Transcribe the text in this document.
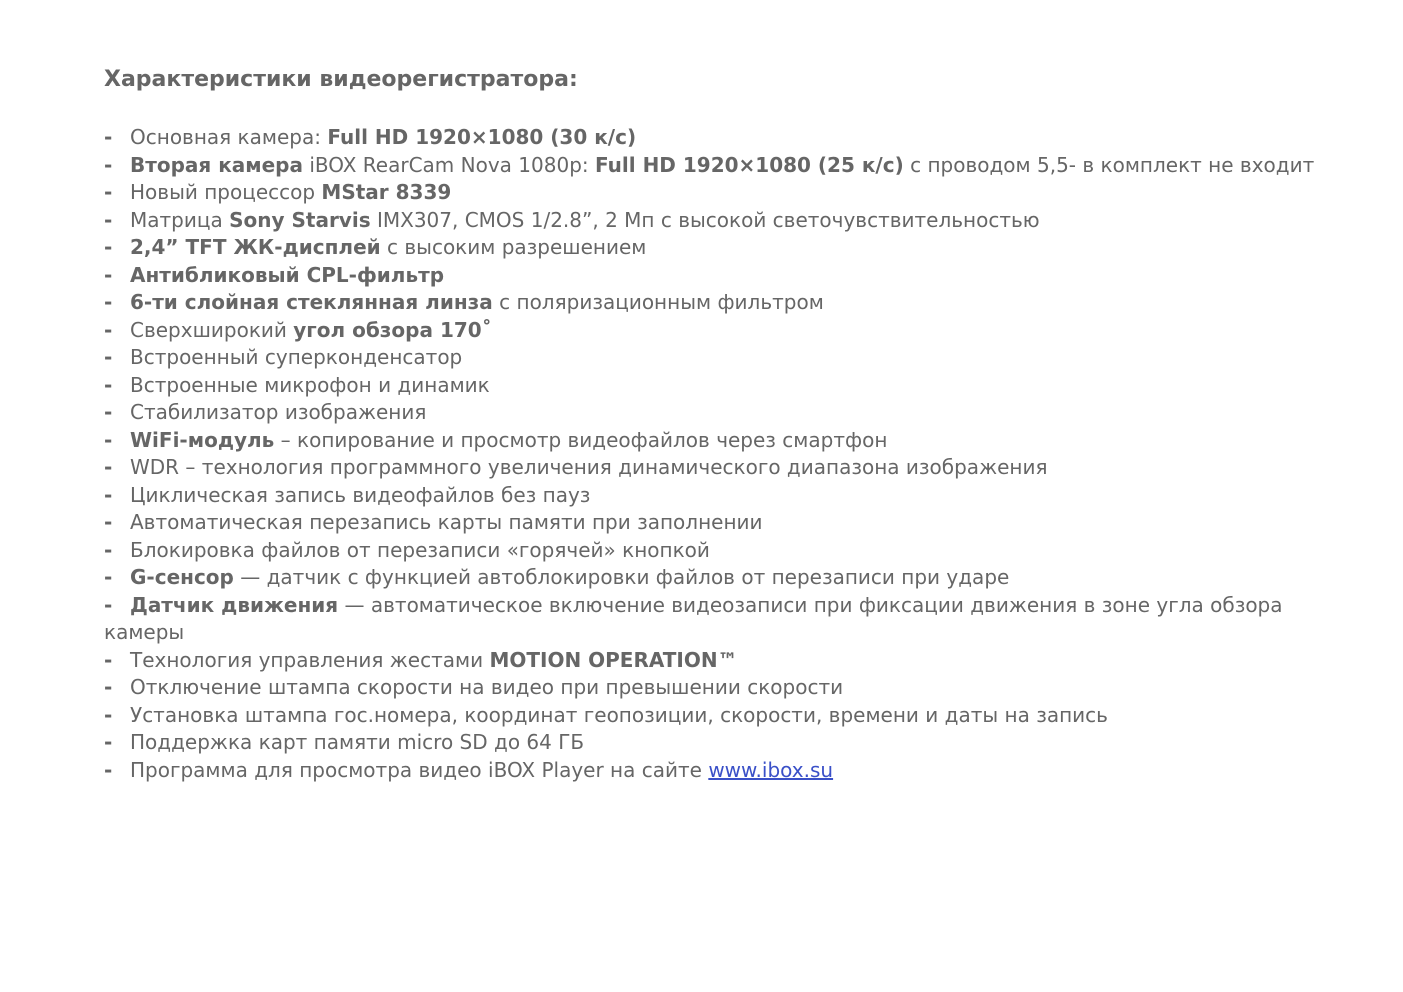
Характеристики видеорегистратора:
- Основная камера: Full HD 1920×1080 (30 к/с)
- Вторая камера iBOX RearCam Nova 1080p: Full HD 1920×1080 (25 к/с) с проводом 5,5- в комплект не входит
- Новый процессор MStar 8339
- Матрица Sony Starvis IMX307, CMOS 1/2.8”, 2 Мп с высокой светочувствительностью
- 2,4” TFT ЖК-дисплей с высоким разрешением
- Антибликовый CPL-фильтр
- 6-ти слойная стеклянная линза с поляризационным фильтром
- Сверхширокий угол обзора 170˚
- Встроенный суперконденсатор
- Встроенные микрофон и динамик
- Стабилизатор изображения
- WiFi-модуль – копирование и просмотр видеофайлов через смартфон
- WDR – технология программного увеличения динамического диапазона изображения
- Циклическая запись видеофайлов без пауз
- Автоматическая перезапись карты памяти при заполнении
- Блокировка файлов от перезаписи «горячей» кнопкой
- G-сенсор — датчик с функцией автоблокировки файлов от перезаписи при ударе
- Датчик движения — автоматическое включение видеозаписи при фиксации движения в зоне угла обзора камеры
- Технология управления жестами MOTION OPERATION™
- Отключение штампа скорости на видео при превышении скорости
- Установка штампа гос.номера, координат геопозиции, скорости, времени и даты на запись
- Поддержка карт памяти micro SD до 64 ГБ
- Программа для просмотра видео iBOX Player на сайте www.ibox.su
